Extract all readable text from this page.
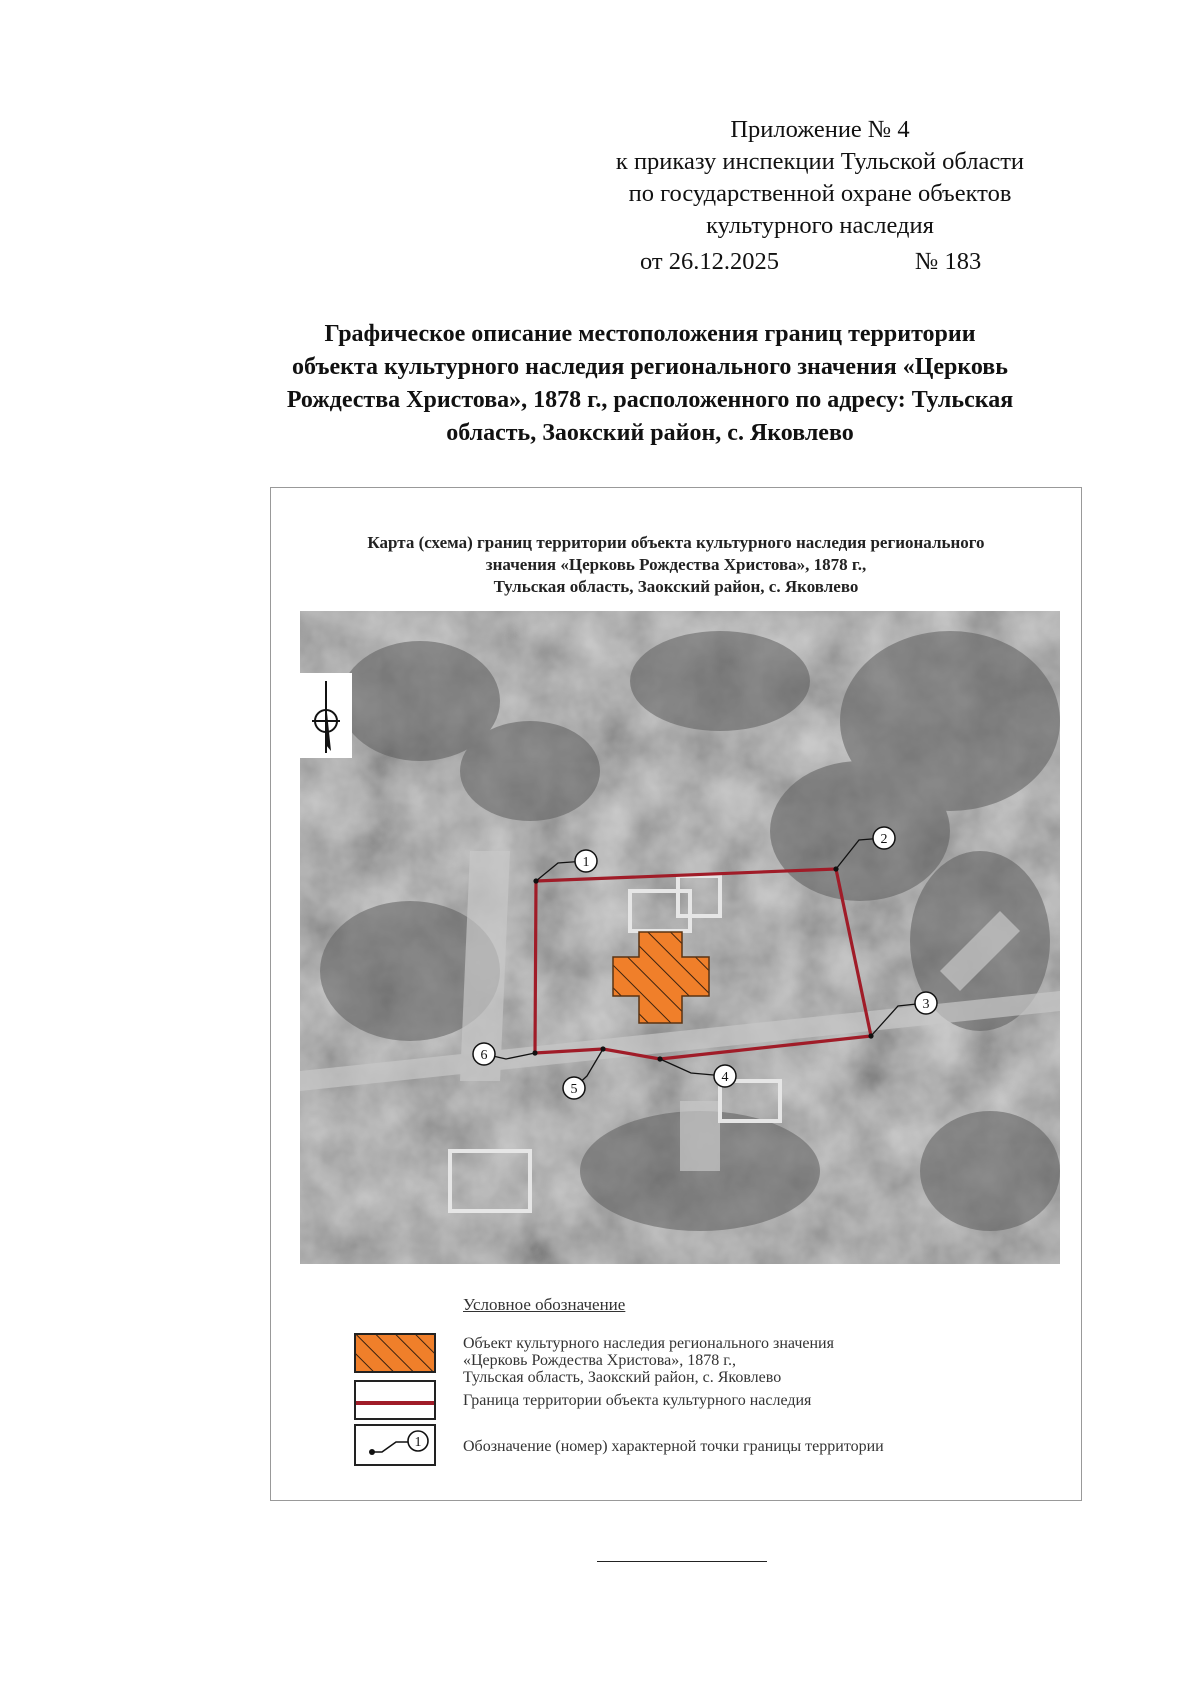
Приложение № 4
к приказу инспекции Тульской области
по государственной охране объектов
культурного наследия
от 26.12.2025	№ 183
Графическое описание местоположения границ территории
объекта культурного наследия регионального значения «Церковь
Рождества Христова», 1878 г., расположенного по адресу: Тульская
область, Заокский район, с. Яковлево
Карта (схема) границ территории объекта культурного наследия регионального
значения «Церковь Рождества Христова», 1878 г.,
Тульская область, Заокский район, с. Яковлево
1
2
3
4
5
6
Условное обозначение
Объект культурного наследия регионального значения
«Церковь Рождества Христова», 1878 г.,
Тульская область, Заокский район, с. Яковлево
Граница территории объекта культурного наследия
1	Обозначение (номер) характерной точки границы территории
